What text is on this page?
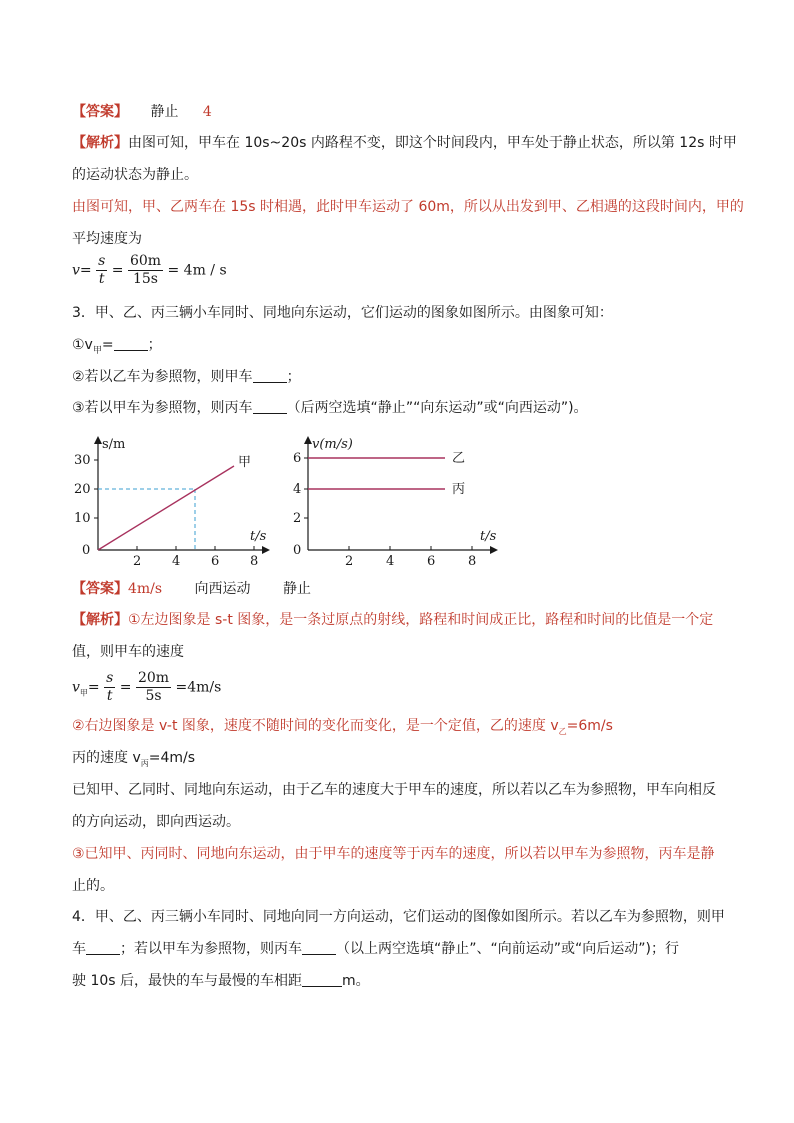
【答案】 静止 4
【解析】由图可知，甲车在 10s~20s 内路程不变，即这个时间段内，甲车处于静止状态，所以第 12s 时甲
的运动状态为静止。
由图可知，甲、乙两车在 15s 时相遇，此时甲车运动了 60m，所以从出发到甲、乙相遇的这段时间内，甲的
平均速度为
$v= \frac{s}{t} = \frac{60m}{15s} = 4m / s$
3．甲、乙、丙三辆小车同时、同地向东运动，它们运动的图象如图所示。由图象可知：
$①v_甲=$ ；
②若以乙车为参照物，则甲车 ；
③若以甲车为参照物，则丙车 （后两空选填“静止”“向东运动”或“向西运动”)。
s/m
t/s
30
20
10
0
2 4 6 8
甲
v(m/s)
t/s
6
4
2
0
2	4	6	8
乙
丙
【答案】4m/s 向西运动 静止
【解析】①左边图象是 s-t 图象，是一条过原点的射线，路程和时间成正比，路程和时间的比值是一个定
值，则甲车的速度
$v_甲= \frac{s}{t} = \frac{20m}{5s} =4m/s$
②右边图象是 v-t 图象，速度不随时间的变化而变化，是一个定值，乙的速度 $v_乙=6m/s$
丙的速度 $v_丙=4m/s$
已知甲、乙同时、同地向东运动，由于乙车的速度大于甲车的速度，所以若以乙车为参照物，甲车向相反
的方向运动，即向西运动。
③已知甲、丙同时、同地向东运动，由于甲车的速度等于丙车的速度，所以若以甲车为参照物，丙车是静
止的。
4．甲、乙、丙三辆小车同时、同地向同一方向运动，它们运动的图像如图所示。若以乙车为参照物，则甲
车 ；若以甲车为参照物，则丙车 （以上两空选填“静止”、“向前运动”或“向后运动”)；行
驶 10s 后，最快的车与最慢的车相距	m。
